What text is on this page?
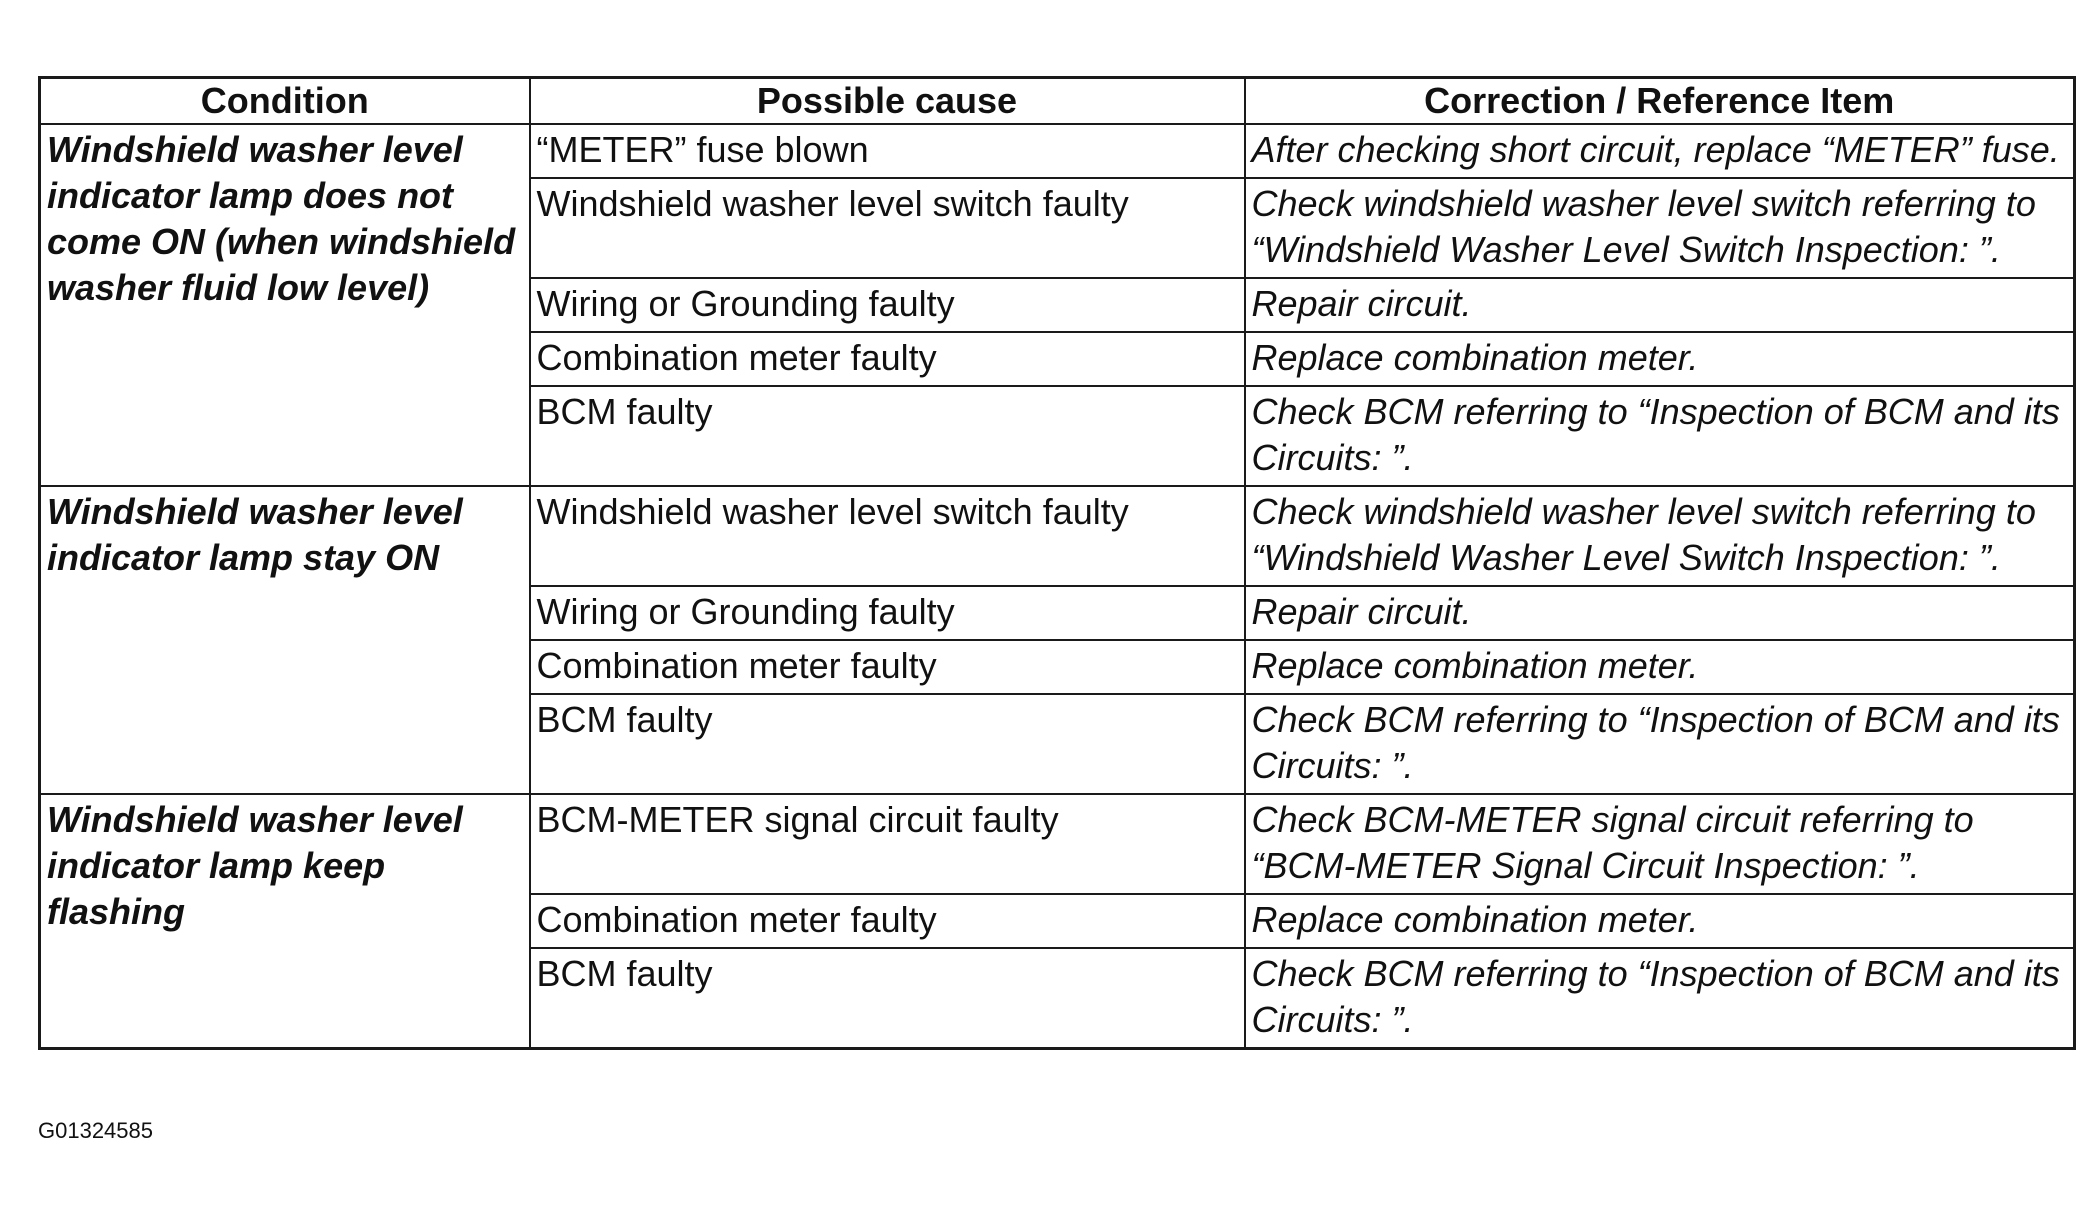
Condition	Possible cause	Correction / Reference Item
Windshield washer level indicator lamp does not come ON (when windshield washer fluid low level)	“METER” fuse blown	After checking short circuit, replace “METER” fuse.
	Windshield washer level switch faulty	Check windshield washer level switch referring to “Windshield Washer Level Switch Inspection: ”.
	Wiring or Grounding faulty	Repair circuit.
	Combination meter faulty	Replace combination meter.
	BCM faulty	Check BCM referring to “Inspection of BCM and its Circuits: ”.
Windshield washer level indicator lamp stay ON	Windshield washer level switch faulty	Check windshield washer level switch referring to “Windshield Washer Level Switch Inspection: ”.
	Wiring or Grounding faulty	Repair circuit.
	Combination meter faulty	Replace combination meter.
	BCM faulty	Check BCM referring to “Inspection of BCM and its Circuits: ”.
Windshield washer level indicator lamp keep flashing	BCM-METER signal circuit faulty	Check BCM-METER signal circuit referring to “BCM-METER Signal Circuit Inspection: ”.
	Combination meter faulty	Replace combination meter.
	BCM faulty	Check BCM referring to “Inspection of BCM and its Circuits: ”.
G01324585
